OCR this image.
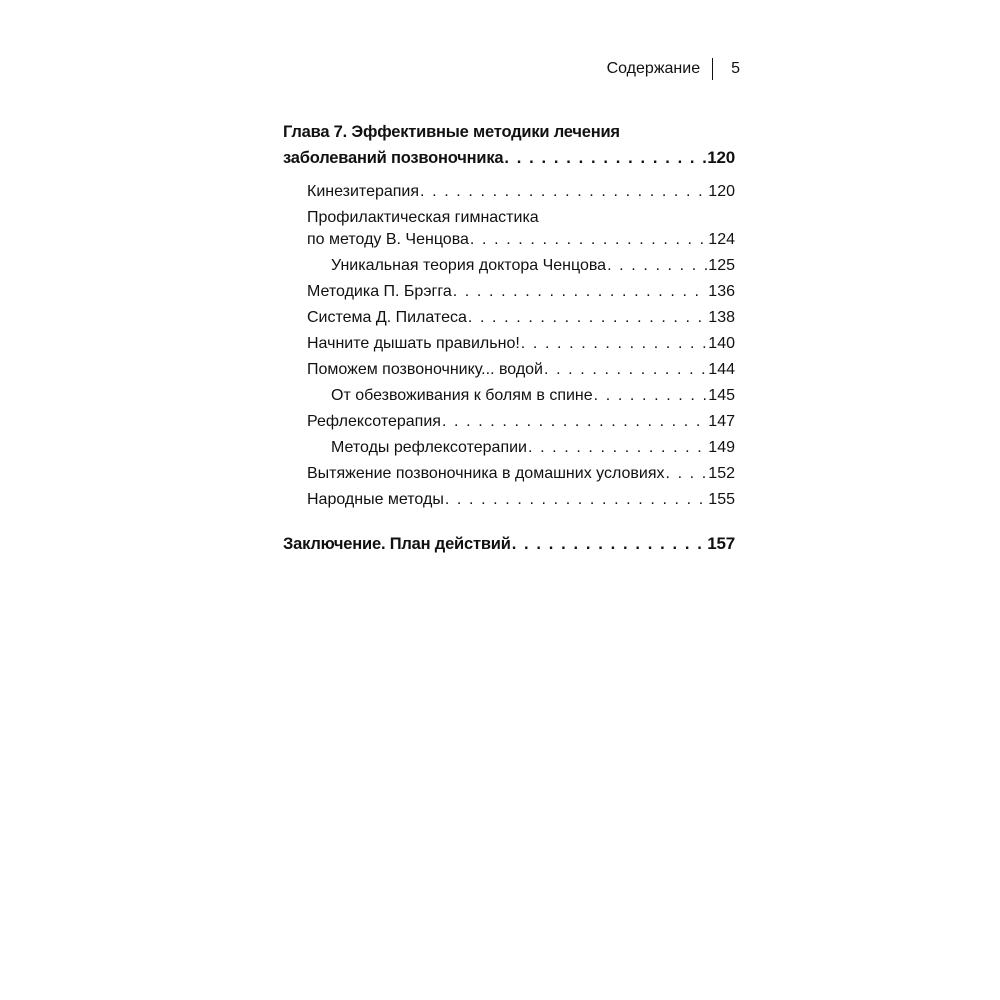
Содержание 5
Глава 7. Эффективные методики лечения
заболеваний позвоночника . . .	120
Кинезитерапия . . .	120
Профилактическая гимнастика
по методу В. Ченцова . . .	124
Уникальная теория доктора Ченцова . . .	125
Методика П. Брэгга . . .	136
Система Д. Пилатеса . . .	138
Начните дышать правильно! . . .	140
Поможем позвоночнику... водой . . .	144
От обезвоживания к болям в спине . . .	145
Рефлексотерапия . . .	147
Методы рефлексотерапии . . .	149
Вытяжение позвоночника в домашних условиях . . .	152
Народные методы . . .	155
Заключение. План действий . . .	157
